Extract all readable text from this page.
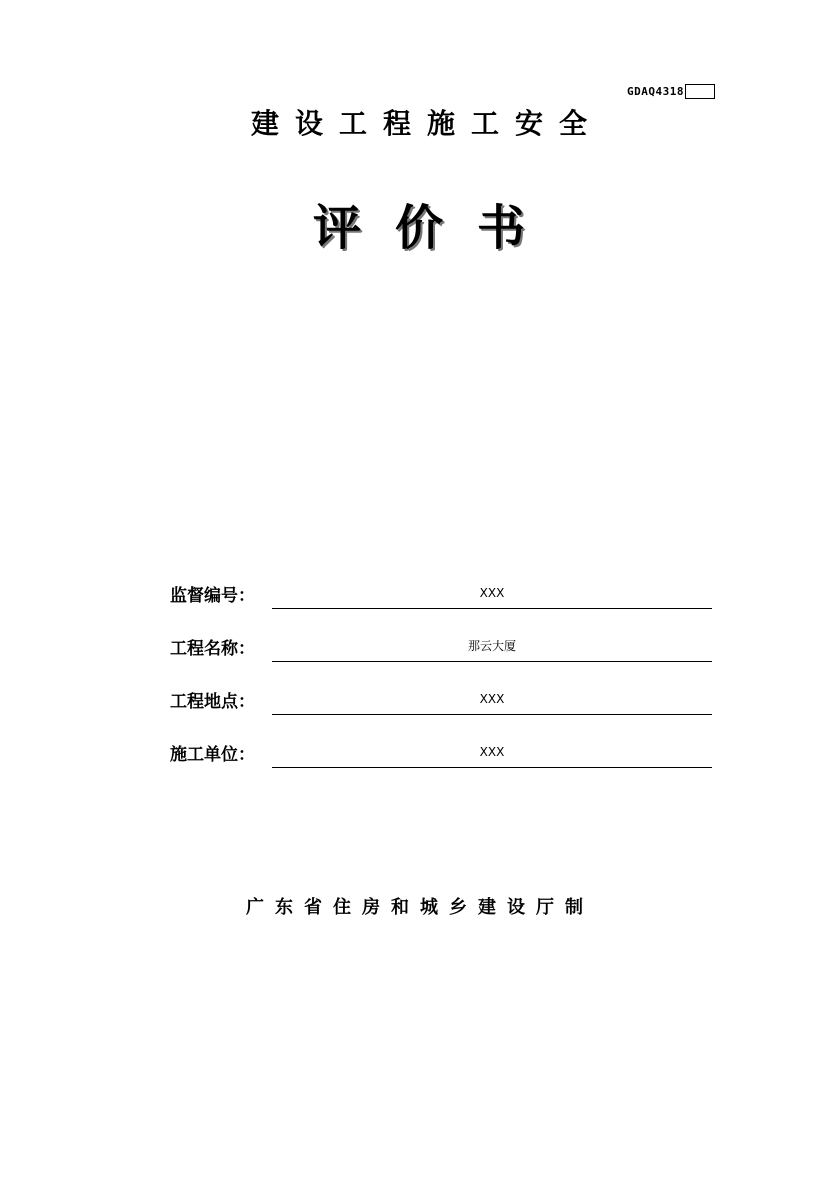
GDAQ4318
建设工程施工安全
评价书
监督编号：	XXX
工程名称：	那云大厦
工程地点：	XXX
施工单位：	XXX
广东省住房和城乡建设厅制
